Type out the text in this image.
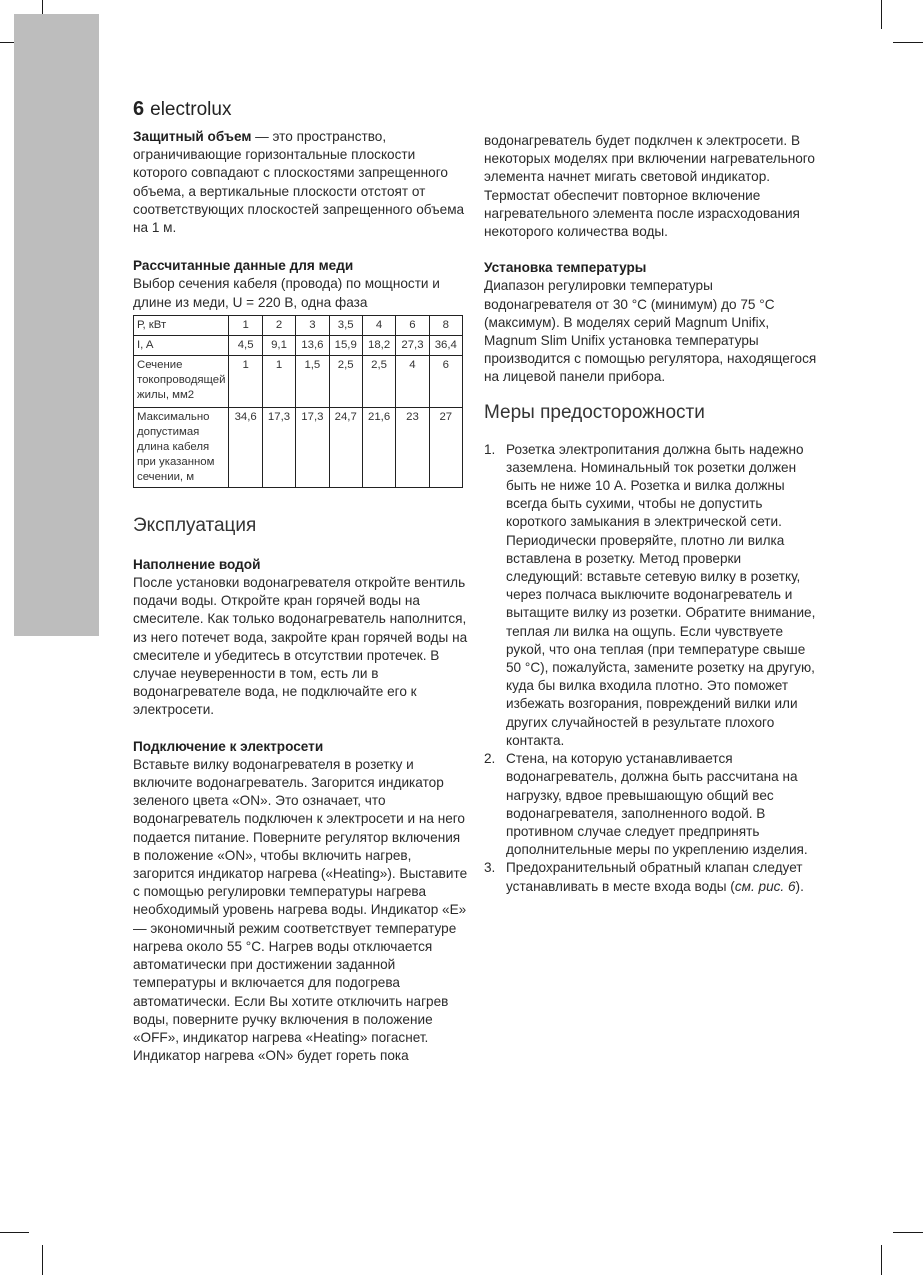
6 electrolux

Защитный объем — это пространство, ограничивающие горизонтальные плоскости которого совпадают с плоскостями запрещенного объема, а вертикальные плоскости отстоят от соответствующих плоскостей запрещенного объема на 1 м.

Рассчитанные данные для меди

Выбор сечения кабеля (провода) по мощности и длине из меди, U = 220 В, одна фаза

Р, кВт	1	2	3	3,5	4	6	8
I, A	4,5	9,1	13,6	15,9	18,2	27,3	36,4
Сечение токопроводящей жилы, мм2	1	1	1,5	2,5	2,5	4	6
Максимально допустимая длина кабеля при указанном сечении, м	34,6	17,3	17,3	24,7	21,6	23	27
Эксплуатация

Наполнение водой

После установки водонагревателя откройте вентиль подачи воды. Откройте кран горячей воды на смесителе. Как только водонагреватель наполнится, из него потечет вода, закройте кран горячей воды на смесителе и убедитесь в отсутствии протечек. В случае неуверенности в том, есть ли в водонагревателе вода, не подключайте его к электросети.

Подключение к электросети

Вставьте вилку водонагревателя в розетку и включите водонагреватель. Загорится индикатор зеленого цвета «ON». Это означает, что водонагреватель подключен к электросети и на него подается питание. Поверните регулятор включения в положение «ON», чтобы включить нагрев, загорится индикатор нагрева («Heating»). Выставите с помощью регулировки температуры нагрева необходимый уровень нагрева воды. Индикатор «E» — экономичный режим соответствует температуре нагрева около 55 °C. Нагрев воды отключается автоматически при достижении заданной температуры и включается для подогрева автоматически. Если Вы хотите отключить нагрев воды, поверните ручку включения в положение «OFF», индикатор нагрева «Heating» погаснет. Индикатор нагрева «ON» будет гореть пока

водонагреватель будет подклчен к электросети. В некоторых моделях при включении нагревательного элемента начнет мигать световой индикатор. Термостат обеспечит повторное включение нагревательного элемента после израсходования некоторого количества воды.

Установка температуры

Диапазон регулировки температуры водонагревателя от 30 °C (минимум) до 75 °C (максимум). В моделях серий Magnum Unifix, Magnum Slim Unifix установка температуры производится с помощью регулятора, находящегося на лицевой панели прибора.

Меры предосторожности
1. Розетка электропитания должна быть надежно заземлена. Номинальный ток розетки должен быть не ниже 10 А. Розетка и вилка должны всегда быть сухими, чтобы не допустить короткого замыкания в электрической сети. Периодически проверяйте, плотно ли вилка вставлена в розетку. Метод проверки следующий: вставьте сетевую вилку в розетку, через полчаса выключите водонагреватель и вытащите вилку из розетки. Обратите внимание, теплая ли вилка на ощупь. Если чувствуете рукой, что она теплая (при температуре свыше 50 °C), пожалуйста, замените розетку на другую, куда бы вилка входила плотно. Это поможет избежать возгорания, повреждений вилки или других случайностей в результате плохого контакта.
2. Стена, на которую устанавливается водонагреватель, должна быть рассчитана на нагрузку, вдвое превышающую общий вес водонагревателя, заполненного водой. В противном случае следует предпринять дополнительные меры по укреплению изделия.
3. Предохранительный обратный клапан следует устанавливать в месте входа воды (см. рис. 6).
